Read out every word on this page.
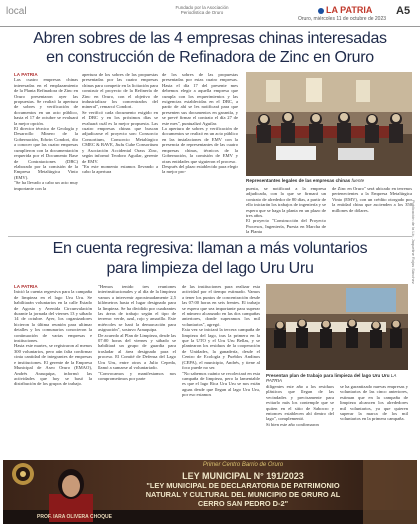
local	Fundado por la Asociación Periodística de Oruro	LA PATRIA A5
Oruro, miércoles 11 de octubre de 2023
Abren sobres de las 4 empresas chinas interesadas
en construcción de Refinadora de Zinc en Oruro
LA PATRIA
Las cuatro empresas chinas interesadas en el emplazamiento de la Planta Refinadora de Zinc en Oruro presentaron ayer las propuestas. Se realizó la apertura de sobres y verificación de documentos en un acto público, hasta el 17 de octubre se evaluará la mejor opción.
El director técnico de Geología y Desarrollo Minero de la Gobernación, Edwin Condori, dio a conocer que las cuatro empresas cumplieron con la documentación requerida por el Documento Base de Contrataciones (DBC) elaborado por la comisión de la Empresa Metalúrgica Vinto (EMV).
"Se ha llevado a cabo un acto muy importante con la
apertura de los sobres de las propuestas presentadas por las cuatro empresas chinas para competir en la licitación para construir el proyecto de la Refinería de Zinc en Oruro, con el objetivo de industrializar los concentrados del mineral", remarcó Condori.
Se verificó cada documento exigido en el DBC y en los próximos días se evaluará cuál es la mejor propuesta. Las cuatro empresas chinas que buscan adjudicarse el proyecto son: Consorcio Consortium, Consorcio Metalúrgico CMEC & BAVE, Jiufu Cuhe Consortium y Asociación Accidental Orass Zinc, según informó Teodoro Aguilar, gerente de EMV.
"En este momento estamos llevando a cabo la apertura
de los sobres de las propuestas presentadas por estas cuatro empresas. Hasta el día 17 del presente mes debemos elegir a aquella empresa que cumpla con los requerimientos y las exigencias establecidas en el DBC, a partir de ahí se les notificará para que presenten sus documentos en garantía, y se prevé firmar el contrato el día 27 de este mes", puntualizó Aguilar.
La apertura de sobres y verificación de documentos se realizó en un acto público en las instalaciones de EMV con la presencia de representantes de las cuatro empresas chinas, técnicos de la Gobernación, la comisión de EMV y otras entidades que siguieron el proceso.
Después del plazo establecido para elegir la mejor pro-
Representantes legales de las empresas chinas fuente
puesta, se notificará a la empresa adjudicada, con la que se firmará un contrato de alrededor de 80 días, a partir de ello iniciarán los trabajos de ingeniería y se espera que se haga la planta en un plazo de tres años.
El proyecto "Construcción del Proyecto Procesos, Ingeniería, Puesta en Marcha de la Planta
de Zinc en Oruro" será ubicado en terrenos pertenecientes a la Empresa Metalúrgica Vinto (EMV), con un crédito otorgado por la entidad china que ascienden a los 350 millones de dólares.
En cuenta regresiva: llaman a más voluntarios
para limpieza del lago Uru Uru
LA PATRIA
Inició la cuenta regresiva para la campaña de limpieza en el lago Uru Uru. Se habilitarán voluntarios en la calle Estado de Agosto y Avenida Circunvalación durante la jornada del viernes 13 y sábado 14 de octubre. Ayer, los organizadores hicieron la última reunión para ultimar detalles y los comunarios conocieron la continuación de varias empresas e instituciones.
Hasta este martes, se registraron al menos 300 voluntarios, pero aún falta confirmar cinta cantidad de integrantes de empresas e instituciones. El gerente de la Empresa Municipal de Aseo Oruro (EMAO), Andrés Arauquipa, informó las actividades que hoy se basó la distribución de los grupos de trabajo.
"Hemos tenido tres reuniones interinstitucionales y al día de la limpieza vamos a intervenir aproximadamente 2,5 kilómetros hasta el lugar designado para la limpieza. Se ha dividido por cuadrantes las áreas de trabajo según el tipo de terreno: verde, azul, rojo y amarillo. Este miércoles se hará la demarcación para asignación", sostuvo Arauquipa.
De acuerdo al Plan de Limpieza, desde las 07:00 horas del viernes y sábado se habilitará un grupo de guardia para trasladar al área designado para el proceso. El Comité de Defensa del Lago Uru Uru, entre otros a Julio Cepeda, llamó a sumarse al voluntariado.
"Convocamos y manifestamos nos comprometimos por parte
de las instituciones para realizar esta actividad por el tiempo estimado. Vamos a tener los puntos de concentración desde las 07:00 horas en seis frentes. El trabajo se espera que sea importante para superar el número alcanzado en las dos campañas anteriores, donde superamos los mil voluntarios", agregó.
Esta vez se iniciará la tercera campaña de limpieza del lago, tras la primera en la que la UTO y el Uru Uru Bellas, y se plantearon los residuos de la cooperación de Unidades, la ganadería, desde el Centro de Ecología y Pueblos Andinos (CEPA), el municipio, Andrés, y tiene al foco puede no ser.
"No sabemos cuánto se recolectará en esta campaña de limpieza, pero la lamentable es que el lago Rica Uru Uru se nos están aguas desde que llegan al lago Uru Uru, por eso estamos
Presentan plan de trabajo para limpieza del lago Uru Uru LA PATRIA
diligentes este año a los residuos plásticos que llegan de las vecindades y precisamente para evitarlo más los contemple que se quiten en el sitio de Sabocro y entonces establecen ahí dentro del lago", complementó.
Si bien este año confirmaron
se ha garantizado nuevas empresas y voluntarios de las cinco anteriores, estiman que en la campaña de limpieza alcancen los alrededores mil voluntarios, ya que quieren superar la marca de los mil voluntarios en la primera campaña.
Publicación de la Lic. Jaqueline Rojas Sánchez
Primer Centro Barrio de Oruro
LEY MUNICIPAL N° 191/2023
"LEY MUNICIPAL DE DECLARATORIA DE PATRIMONIO
NATURAL Y CULTURAL DEL MUNICIPIO DE ORURO AL
CERRO SAN PEDRO D-2"
PROF. IARA OLIVERA CHOQUE
